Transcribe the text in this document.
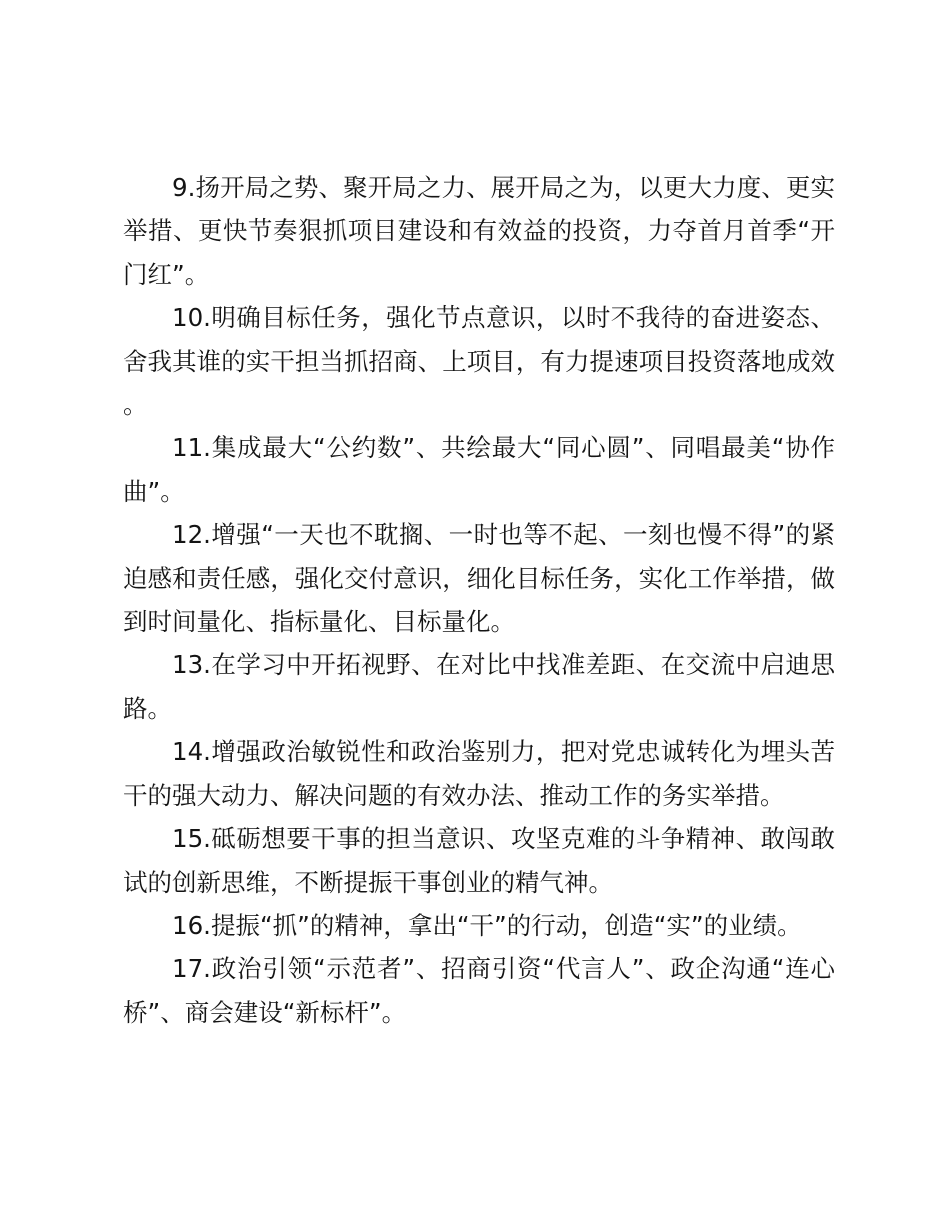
9.扬开局之势、聚开局之力、展开局之为，以更大力度、更实举措、更快节奏狠抓项目建设和有效益的投资，力夺首月首季“开门红”。

10.明确目标任务，强化节点意识，以时不我待的奋进姿态、舍我其谁的实干担当抓招商、上项目，有力提速项目投资落地成效。

11.集成最大“公约数”、共绘最大“同心圆”、同唱最美“协作曲”。

12.增强“一天也不耽搁、一时也等不起、一刻也慢不得”的紧迫感和责任感，强化交付意识，细化目标任务，实化工作举措，做到时间量化、指标量化、目标量化。

13.在学习中开拓视野、在对比中找准差距、在交流中启迪思路。

14.增强政治敏锐性和政治鉴别力，把对党忠诚转化为埋头苦干的强大动力、解决问题的有效办法、推动工作的务实举措。

15.砥砺想要干事的担当意识、攻坚克难的斗争精神、敢闯敢试的创新思维，不断提振干事创业的精气神。

16.提振“抓”的精神，拿出“干”的行动，创造“实”的业绩。

17.政治引领“示范者”、招商引资“代言人”、政企沟通“连心桥”、商会建设“新标杆”。
